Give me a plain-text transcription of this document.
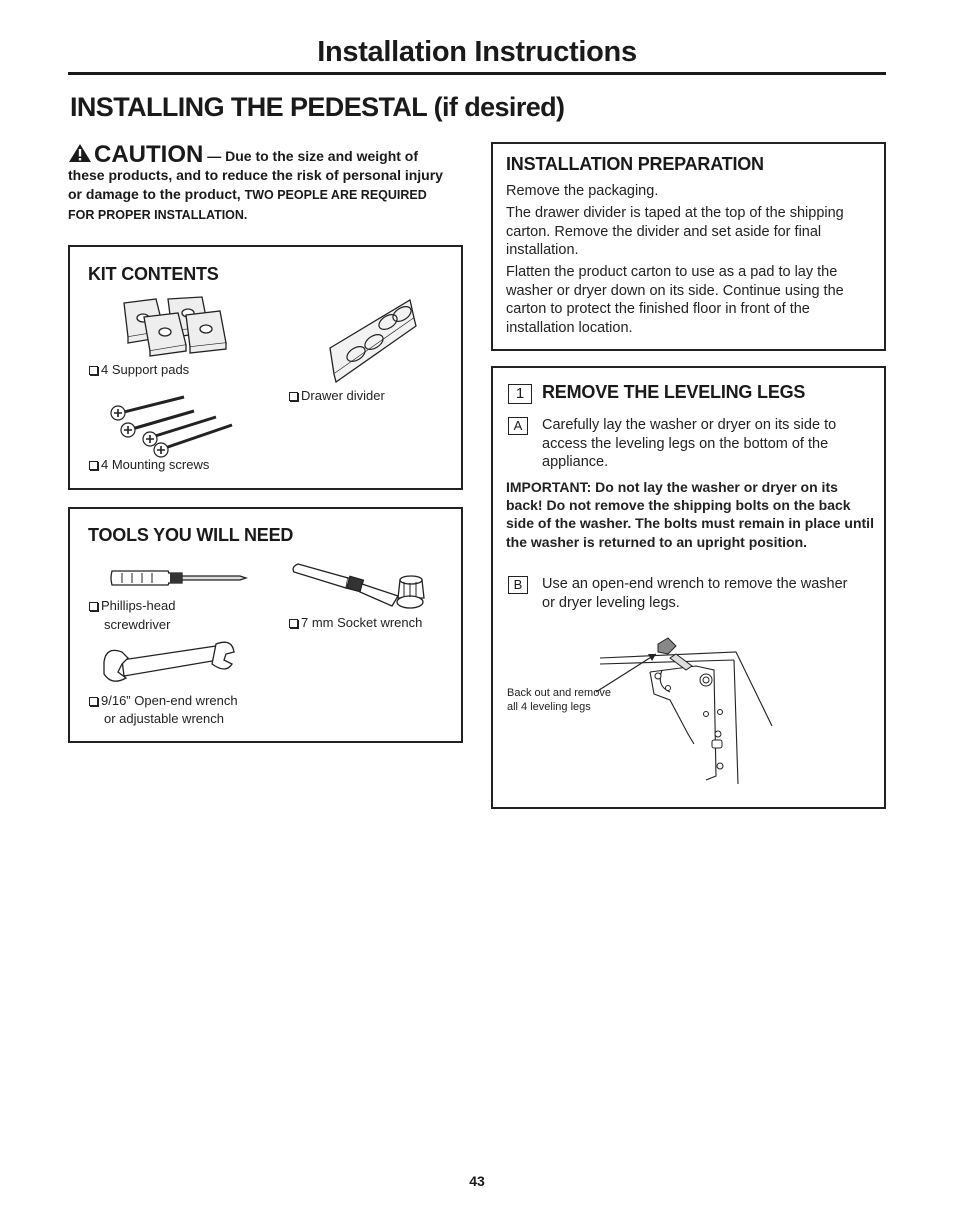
Installation Instructions
INSTALLING THE PEDESTAL (if desired)
CAUTION — Due to the size and weight of these products, and to reduce the risk of personal injury or damage to the product, TWO PEOPLE ARE REQUIRED FOR PROPER INSTALLATION.
KIT CONTENTS
4 Support pads
4 Mounting screws
Drawer divider
TOOLS YOU WILL NEED
Phillips-head
screwdriver	7 mm Socket wrench
9/16” Open-end wrench
or adjustable wrench
INSTALLATION PREPARATION
Remove the packaging.
The drawer divider is taped at the top of the shipping carton. Remove the divider and set aside for final installation.
Flatten the product carton to use as a pad to lay the washer or dryer down on its side. Continue using the carton to protect the finished floor in front of the installation location.
1 REMOVE THE LEVELING LEGS
A	Carefully lay the washer or dryer on its side to access the leveling legs on the bottom of the appliance.
IMPORTANT: Do not lay the washer or dryer on its back! Do not remove the shipping bolts on the back side of the washer. The bolts must remain in place until the washer is returned to an upright position.
B	Use an open-end wrench to remove the washer or dryer leveling legs.
Back out and remove
all 4 leveling legs
43
